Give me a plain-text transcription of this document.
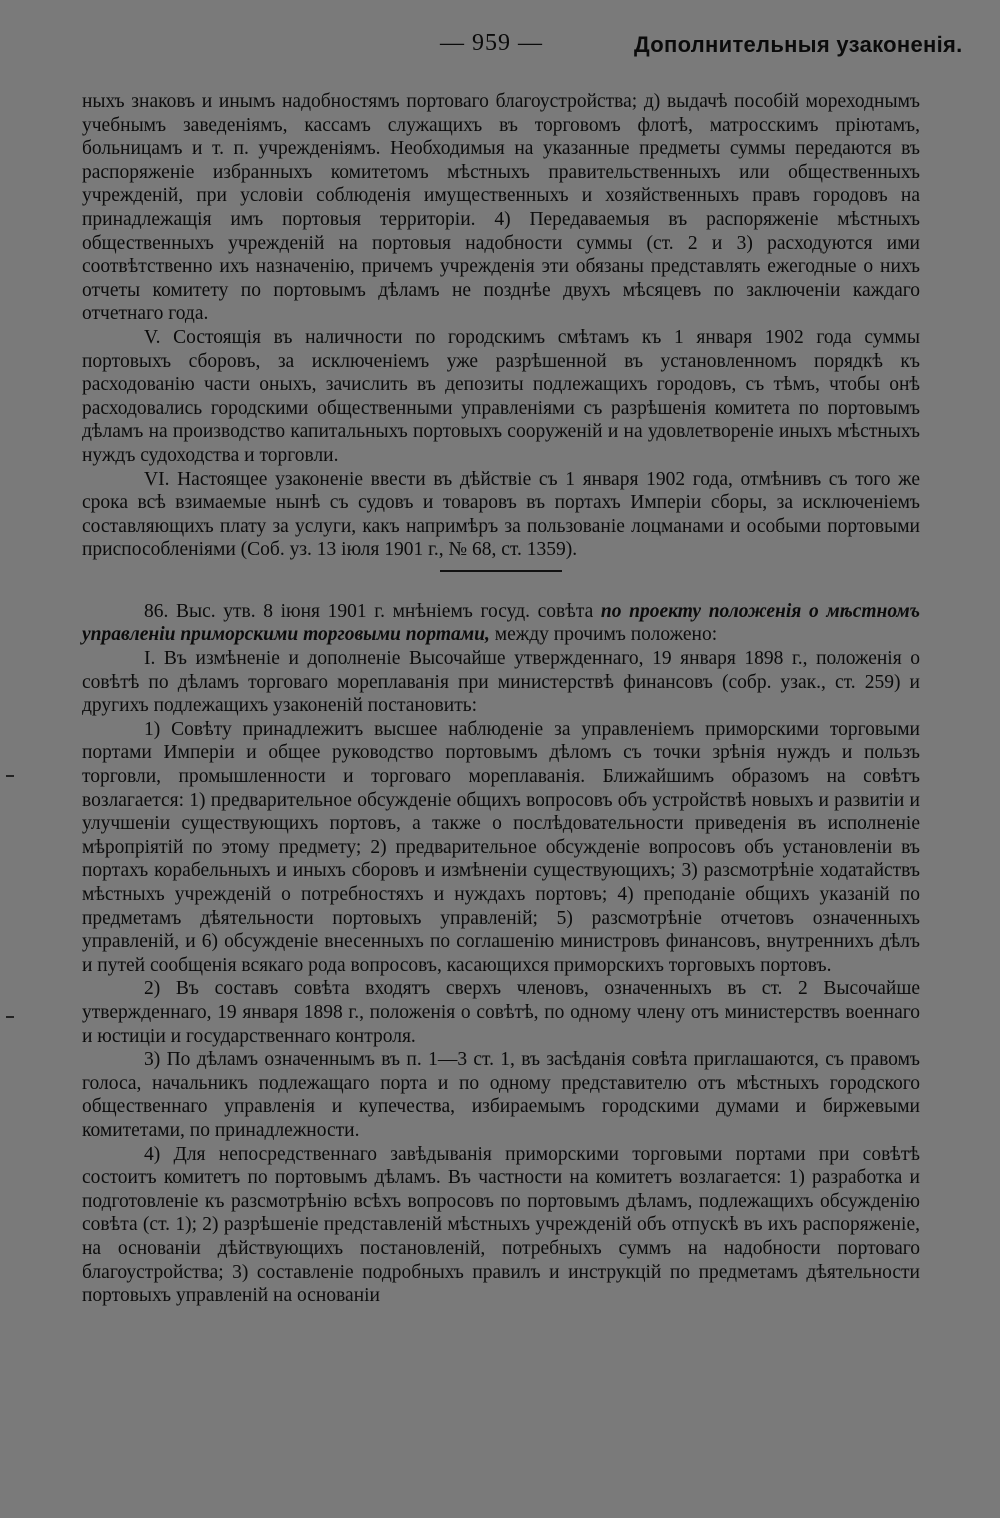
— 959 —	Дополнительныя узаконенія.

ныхъ знаковъ и инымъ надобностямъ портоваго благоустройства; д) выдачѣ пособій мореходнымъ учебнымъ заведеніямъ, кассамъ служащихъ въ торговомъ флотѣ, матросскимъ пріютамъ, больницамъ и т. п. учрежденіямъ. Необходимыя на указанные предметы суммы передаются въ распоряженіе избранныхъ комитетомъ мѣстныхъ правительственныхъ или общественныхъ учрежденій, при условіи соблюденія имущественныхъ и хозяйственныхъ правъ городовъ на принадлежащія имъ портовыя территоріи. 4) Передаваемыя въ распоряженіе мѣстныхъ общественныхъ учрежденій на портовыя надобности суммы (ст. 2 и 3) расходуются ими соотвѣтственно ихъ назначенію, причемъ учрежденія эти обязаны представлять ежегодные о нихъ отчеты комитету по портовымъ дѣламъ не позднѣе двухъ мѣсяцевъ по заключеніи каждаго отчетнаго года.

V. Состоящія въ наличности по городскимъ смѣтамъ къ 1 января 1902 года суммы портовыхъ сборовъ, за исключеніемъ уже разрѣшенной въ установленномъ порядкѣ къ расходованію части оныхъ, зачислить въ депозиты подлежащихъ городовъ, съ тѣмъ, чтобы онѣ расходовались городскими общественными управленіями съ разрѣшенія комитета по портовымъ дѣламъ на производство капитальныхъ портовыхъ сооруженій и на удовлетвореніе иныхъ мѣстныхъ нуждъ судоходства и торговли.

VI. Настоящее узаконеніе ввести въ дѣйствіе съ 1 января 1902 года, отмѣнивъ съ того же срока всѣ взимаемые нынѣ съ судовъ и товаровъ въ портахъ Имперіи сборы, за исключеніемъ составляющихъ плату за услуги, какъ напримѣръ за пользованіе лоцманами и особыми портовыми приспособленіями (Соб. уз. 13 іюля 1901 г., № 68, ст. 1359).

86. Выс. утв. 8 іюня 1901 г. мнѣніемъ госуд. совѣта по проекту положенія о мѣстномъ управленіи приморскими торговыми портами, между прочимъ положено:

I. Въ измѣненіе и дополненіе Высочайше утвержденнаго, 19 января 1898 г., положенія о совѣтѣ по дѣламъ торговаго мореплаванія при министерствѣ финансовъ (собр. узак., ст. 259) и другихъ подлежащихъ узаконеній постановить:

1) Совѣту принадлежитъ высшее наблюденіе за управленіемъ приморскими торговыми портами Имперіи и общее руководство портовымъ дѣломъ съ точки зрѣнія нуждъ и пользъ торговли, промышленности и торговаго мореплаванія. Ближайшимъ образомъ на совѣтъ возлагается: 1) предварительное обсужденіе общихъ вопросовъ объ устройствѣ новыхъ и развитіи и улучшеніи существующихъ портовъ, а также о послѣдовательности приведенія въ исполненіе мѣропріятій по этому предмету; 2) предварительное обсужденіе вопросовъ объ установленіи въ портахъ корабельныхъ и иныхъ сборовъ и измѣненіи существующихъ; 3) разсмотрѣніе ходатайствъ мѣстныхъ учрежденій о потребностяхъ и нуждахъ портовъ; 4) преподаніе общихъ указаній по предметамъ дѣятельности портовыхъ управленій; 5) разсмотрѣніе отчетовъ означенныхъ управленій, и 6) обсужденіе внесенныхъ по соглашенію министровъ финансовъ, внутреннихъ дѣлъ и путей сообщенія всякаго рода вопросовъ, касающихся приморскихъ торговыхъ портовъ.

2) Въ составъ совѣта входятъ сверхъ членовъ, означенныхъ въ ст. 2 Высочайше утвержденнаго, 19 января 1898 г., положенія о совѣтѣ, по одному члену отъ министерствъ военнаго и юстиціи и государственнаго контроля.

3) По дѣламъ означеннымъ въ п. 1—3 ст. 1, въ засѣданія совѣта приглашаются, съ правомъ голоса, начальникъ подлежащаго порта и по одному представителю отъ мѣстныхъ городского общественнаго управленія и купечества, избираемымъ городскими думами и биржевыми комитетами, по принадлежности.

4) Для непосредственнаго завѣдыванія приморскими торговыми портами при совѣтѣ состоитъ комитетъ по портовымъ дѣламъ. Въ частности на комитетъ возлагается: 1) разработка и подготовленіе къ разсмотрѣнію всѣхъ вопросовъ по портовымъ дѣламъ, подлежащихъ обсужденію совѣта (ст. 1); 2) разрѣшеніе представленій мѣстныхъ учрежденій объ отпускѣ въ ихъ распоряженіе, на основаніи дѣйствующихъ постановленій, потребныхъ суммъ на надобности портоваго благоустройства; 3) составленіе подробныхъ правилъ и инструкцій по предметамъ дѣятельности портовыхъ управленій на основаніи
